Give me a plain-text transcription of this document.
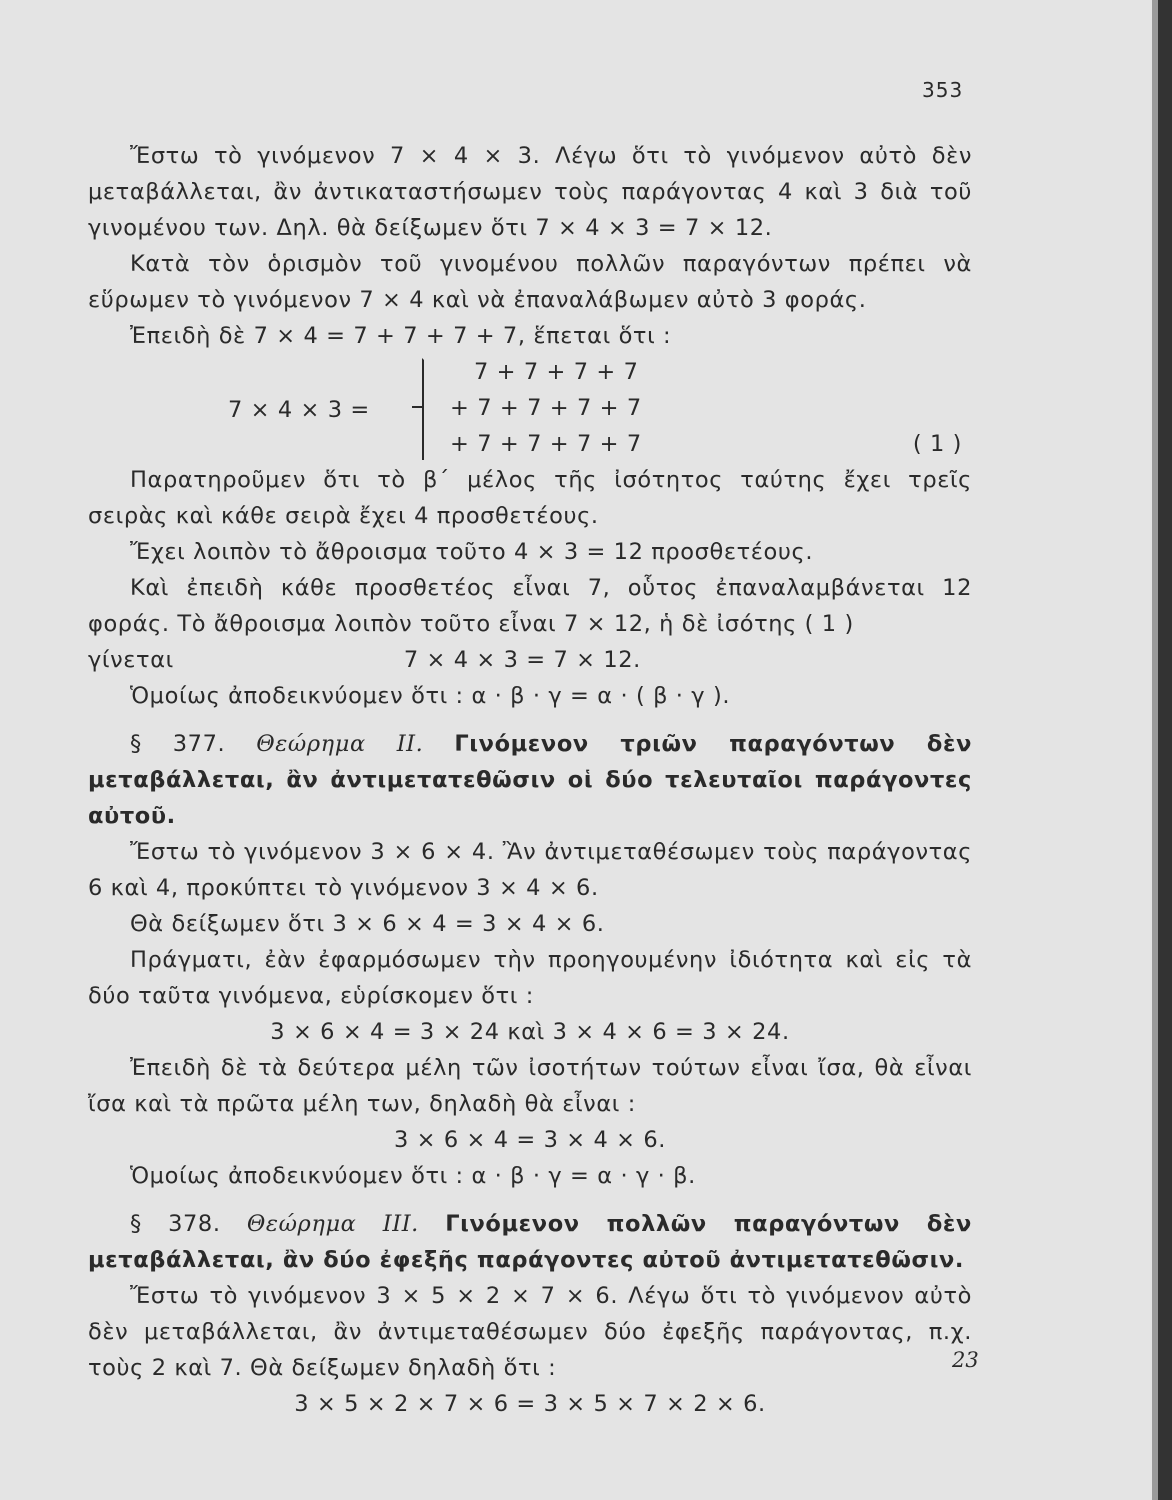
353

Ἔστω τὸ γινόμενον 7 × 4 × 3. Λέγω ὅτι τὸ γινόμενον αὐτὸ δὲν μεταβάλλεται, ἂν ἀντικαταστήσωμεν τοὺς παράγοντας 4 καὶ 3 διὰ τοῦ γινομένου των. Δηλ. θὰ δείξωμεν ὅτι 7 × 4 × 3 = 7 × 12.

Κατὰ τὸν ὁρισμὸν τοῦ γινομένου πολλῶν παραγόντων πρέπει νὰ εὕρωμεν τὸ γινόμενον 7 × 4 καὶ νὰ ἐπαναλάβωμεν αὐτὸ 3 φοράς.

Ἐπειδὴ δὲ 7 × 4 = 7 + 7 + 7 + 7, ἕπεται ὅτι :

7 × 4 × 3 =
7 + 7 + 7 + 7
+ 7 + 7 + 7 + 7
+ 7 + 7 + 7 + 7	( 1 )

Παρατηροῦμεν ὅτι τὸ β΄ μέλος τῆς ἰσότητος ταύτης ἔχει τρεῖς σειρὰς καὶ κάθε σειρὰ ἔχει 4 προσθετέους.

Ἔχει λοιπὸν τὸ ἄθροισμα τοῦτο 4 × 3 = 12 προσθετέους.

Καὶ ἐπειδὴ κάθε προσθετέος εἶναι 7, οὗτος ἐπαναλαμβάνεται 12 φοράς. Τὸ ἄθροισμα λοιπὸν τοῦτο εἶναι 7 × 12, ἡ δὲ ἰσότης ( 1 )

γίνεται	7 × 4 × 3 = 7 × 12.

Ὁμοίως ἀποδεικνύομεν ὅτι : α · β · γ = α · ( β · γ ).

§ 377. Θεώρημα ΙΙ. Γινόμενον τριῶν παραγόντων δὲν μεταβάλλεται, ἂν ἀντιμετατεθῶσιν οἱ δύο τελευταῖοι παράγοντες αὐτοῦ.

Ἔστω τὸ γινόμενον 3 × 6 × 4. Ἂν ἀντιμεταθέσωμεν τοὺς παράγοντας 6 καὶ 4, προκύπτει τὸ γινόμενον 3 × 4 × 6.

Θὰ δείξωμεν ὅτι 3 × 6 × 4 = 3 × 4 × 6.

Πράγματι, ἐὰν ἐφαρμόσωμεν τὴν προηγουμένην ἰδιότητα καὶ εἰς τὰ δύο ταῦτα γινόμενα, εὑρίσκομεν ὅτι :

3 × 6 × 4 = 3 × 24 καὶ 3 × 4 × 6 = 3 × 24.

Ἐπειδὴ δὲ τὰ δεύτερα μέλη τῶν ἰσοτήτων τούτων εἶναι ἴσα, θὰ εἶναι ἴσα καὶ τὰ πρῶτα μέλη των, δηλαδὴ θὰ εἶναι :

3 × 6 × 4 = 3 × 4 × 6.

Ὁμοίως ἀποδεικνύομεν ὅτι : α · β · γ = α · γ · β.

§ 378. Θεώρημα ΙΙΙ. Γινόμενον πολλῶν παραγόντων δὲν μεταβάλλεται, ἂν δύο ἐφεξῆς παράγοντες αὐτοῦ ἀντιμετατεθῶσιν.

Ἔστω τὸ γινόμενον 3 × 5 × 2 × 7 × 6. Λέγω ὅτι τὸ γινόμενον αὐτὸ δὲν μεταβάλλεται, ἂν ἀντιμεταθέσωμεν δύο ἐφεξῆς παράγοντας, π.χ. τοὺς 2 καὶ 7. Θὰ δείξωμεν δηλαδὴ ὅτι :

3 × 5 × 2 × 7 × 6 = 3 × 5 × 7 × 2 × 6.

23
